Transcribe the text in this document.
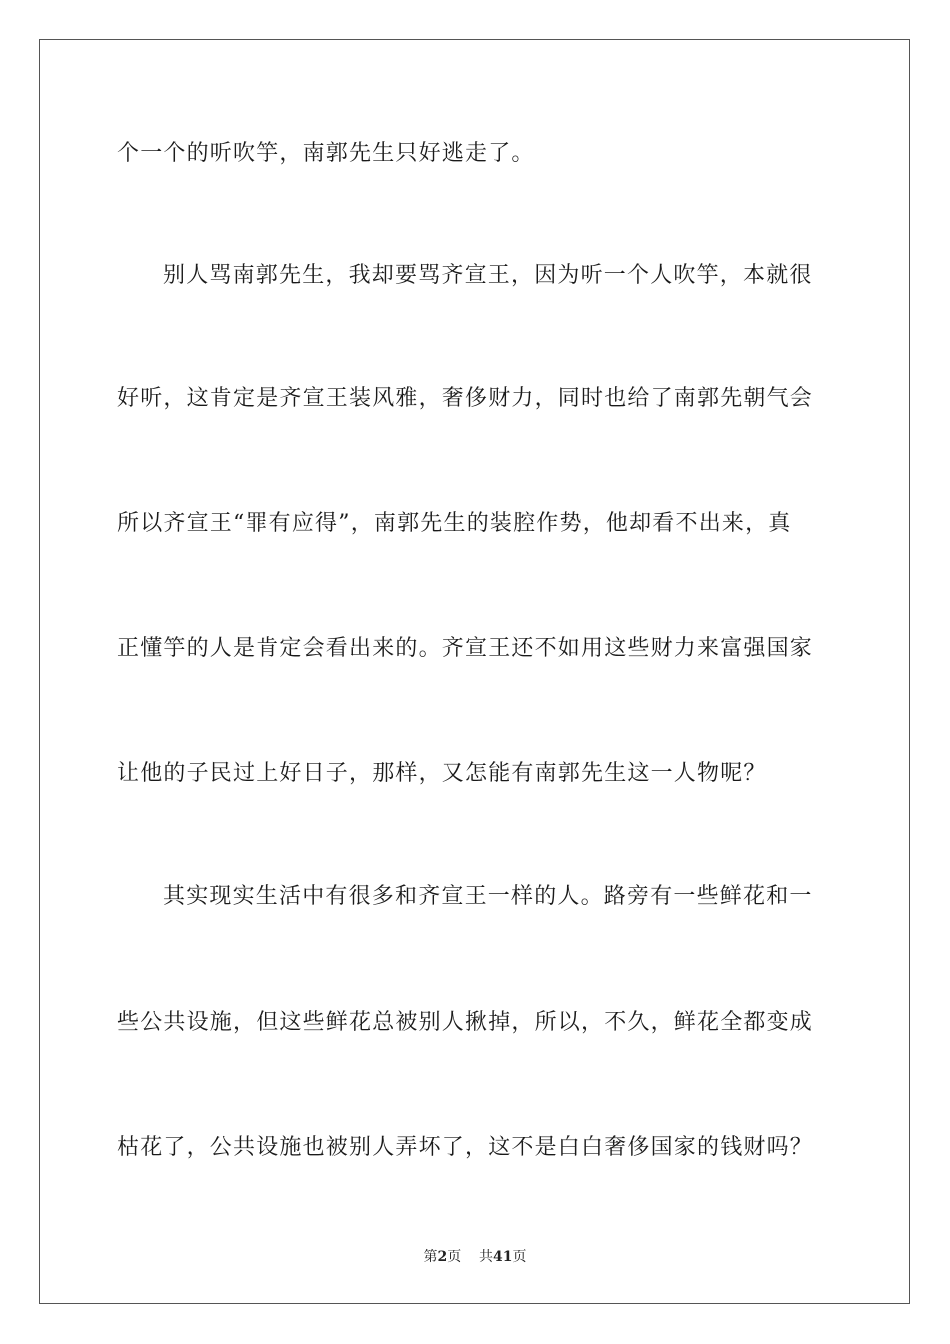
个一个的听吹竽，南郭先生只好逃走了。
别人骂南郭先生，我却要骂齐宣王，因为听一个人吹竽，本就很
好听，这肯定是齐宣王装风雅，奢侈财力，同时也给了南郭先朝气会
所以齐宣王“罪有应得”，南郭先生的装腔作势，他却看不出来，真
正懂竽的人是肯定会看出来的。齐宣王还不如用这些财力来富强国家
让他的子民过上好日子，那样，又怎能有南郭先生这一人物呢？
其实现实生活中有很多和齐宣王一样的人。路旁有一些鲜花和一
些公共设施，但这些鲜花总被别人揪掉，所以，不久，鲜花全都变成
枯花了，公共设施也被别人弄坏了，这不是白白奢侈国家的钱财吗？
第2页 共41页
